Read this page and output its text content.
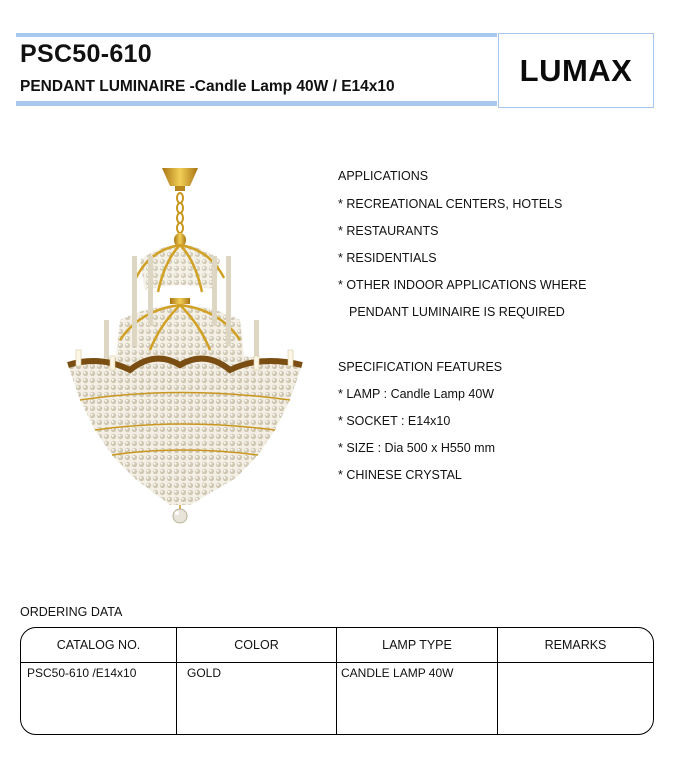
PSC50-610
PENDANT LUMINAIRE -Candle Lamp 40W / E14x10	LUMAX
APPLICATIONS
* RECREATIONAL CENTERS, HOTELS
* RESTAURANTS
* RESIDENTIALS
* OTHER INDOOR APPLICATIONS WHERE
PENDANT LUMINAIRE IS REQUIRED
SPECIFICATION FEATURES
* LAMP : Candle Lamp 40W
* SOCKET : E14x10
* SIZE : Dia 500 x H550 mm
* CHINESE CRYSTAL
ORDERING DATA
CATALOG NO.	COLOR	LAMP TYPE	REMARKS
PSC50-610 /E14x10	GOLD	CANDLE LAMP 40W
